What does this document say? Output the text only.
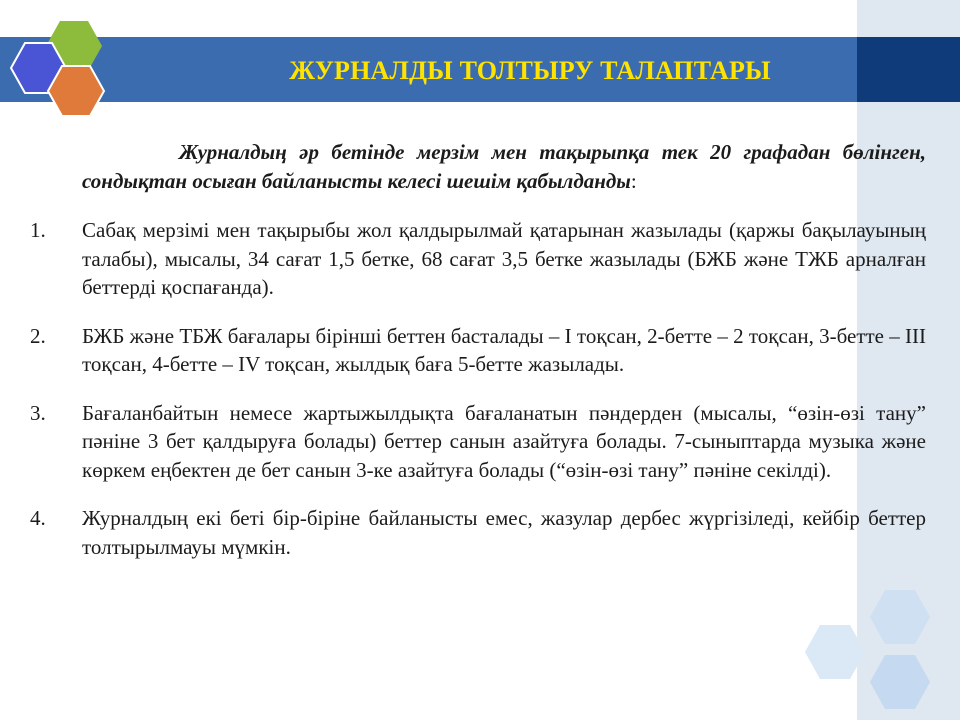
ЖУРНАЛДЫ ТОЛТЫРУ ТАЛАПТАРЫ
Журналдың әр бетінде мерзім мен тақырыпқа тек 20 графадан бөлінген, сондықтан осыған байланысты келесі шешім қабылданды:
1.	Сабақ мерзімі мен тақырыбы жол қалдырылмай қатарынан жазылады (қаржы бақылауының талабы), мысалы, 34 сағат 1,5 бетке, 68 сағат 3,5 бетке жазылады (БЖБ және ТЖБ арналған беттерді қоспағанда).
2.	БЖБ және ТБЖ бағалары бірінші беттен басталады – І тоқсан, 2-бетте – 2 тоқсан, 3-бетте – ІІІ тоқсан, 4-бетте – ІV тоқсан, жылдық баға 5-бетте жазылады.
3.	Бағаланбайтын немесе жартыжылдықта бағаланатын пәндерден (мысалы, “өзін-өзі тану” пәніне 3 бет қалдыруға болады) беттер санын азайтуға болады. 7-сыныптарда музыка және көркем еңбектен де бет санын 3-ке азайтуға болады (“өзін-өзі тану” пәніне секілді).
4.	Журналдың екі беті бір-біріне байланысты емес, жазулар дербес жүргізіледі, кейбір беттер толтырылмауы мүмкін.
